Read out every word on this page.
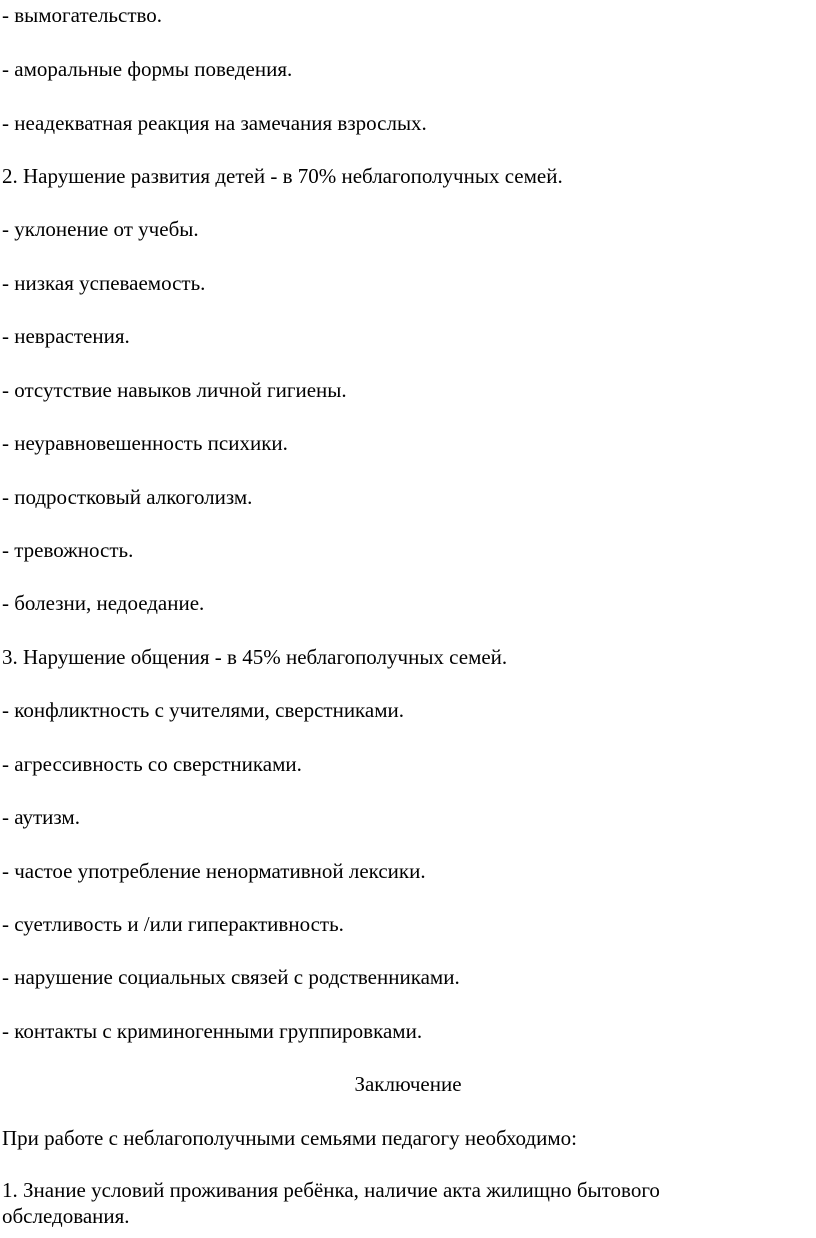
- вымогательство.
- аморальные формы поведения.
- неадекватная реакция на замечания взрослых.
2. Нарушение развития детей - в 70% неблагополучных семей.
- уклонение от учебы.
- низкая успеваемость.
- неврастения.
- отсутствие навыков личной гигиены.
- неуравновешенность психики.
- подростковый алкоголизм.
- тревожность.
- болезни, недоедание.
3. Нарушение общения - в 45% неблагополучных семей.
- конфликтность с учителями, сверстниками.
- агрессивность со сверстниками.
- аутизм.
- частое употребление ненормативной лексики.
- суетливость и /или гиперактивность.
- нарушение социальных связей с родственниками.
- контакты с криминогенными группировками.
Заключение
При работе с неблагополучными семьями педагогу необходимо:
1. Знание условий проживания ребёнка, наличие акта жилищно бытового обследования.
